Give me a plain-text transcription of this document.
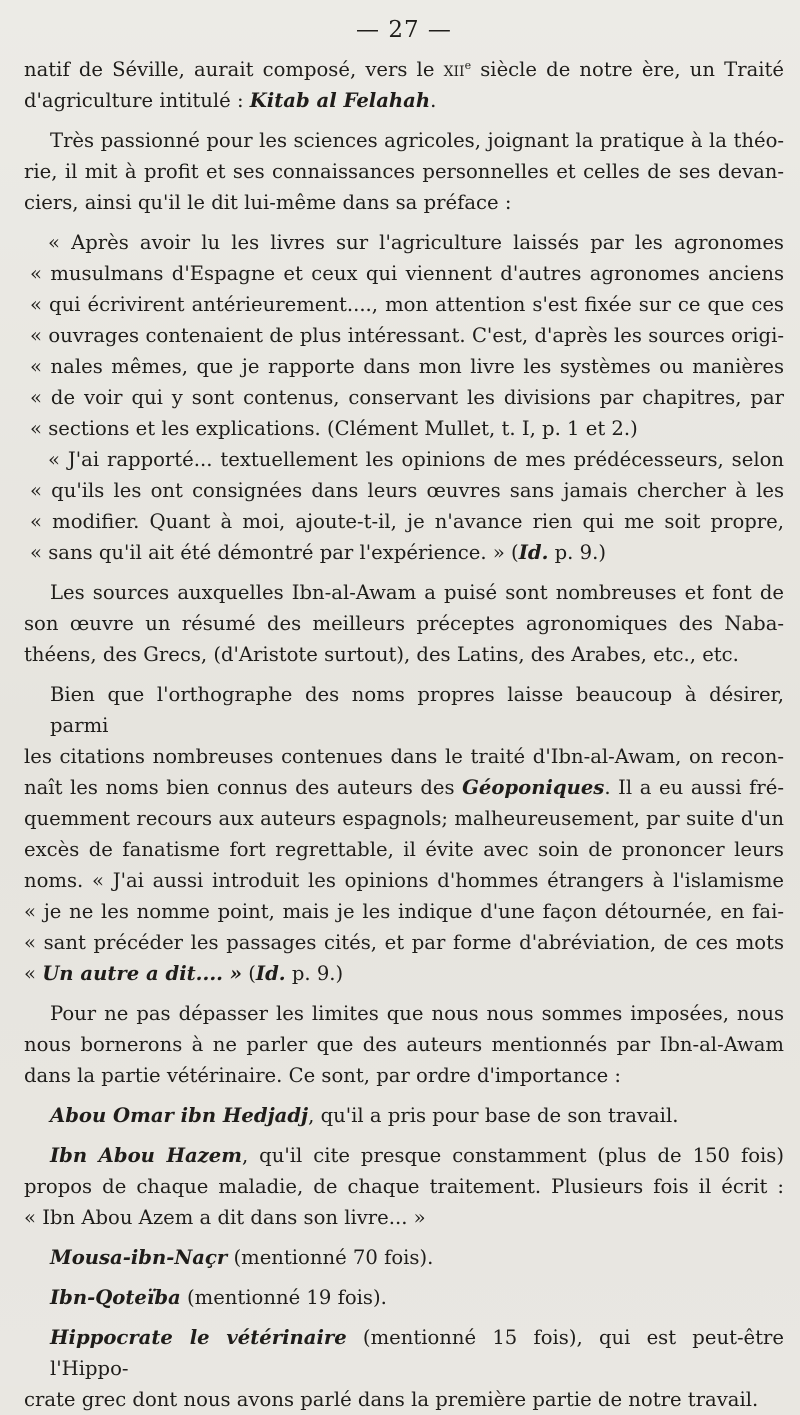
— 27 —

natif de Séville, aurait composé, vers le xii$^e$ siècle de notre ère, un Traité
d'agriculture intitulé : Kitab al Felahah.

Très passionné pour les sciences agricoles, joignant la pratique à la théo-
rie, il mit à profit et ses connaissances personnelles et celles de ses devan-
ciers, ainsi qu'il le dit lui-même dans sa préface :

« Après avoir lu les livres sur l'agriculture laissés par les agronomes
« musulmans d'Espagne et ceux qui viennent d'autres agronomes anciens
« qui écrivirent antérieurement...., mon attention s'est fixée sur ce que ces
« ouvrages contenaient de plus intéressant. C'est, d'après les sources origi-
« nales mêmes, que je rapporte dans mon livre les systèmes ou manières
« de voir qui y sont contenus, conservant les divisions par chapitres, par
« sections et les explications. (Clément Mullet, t. I, p. 1 et 2.)

« J'ai rapporté... textuellement les opinions de mes prédécesseurs, selon
« qu'ils les ont consignées dans leurs œuvres sans jamais chercher à les
« modifier. Quant à moi, ajoute-t-il, je n'avance rien qui me soit propre,
« sans qu'il ait été démontré par l'expérience. » (Id. p. 9.)

Les sources auxquelles Ibn-al-Awam a puisé sont nombreuses et font de
son œuvre un résumé des meilleurs préceptes agronomiques des Naba-
théens, des Grecs, (d'Aristote surtout), des Latins, des Arabes, etc., etc.

Bien que l'orthographe des noms propres laisse beaucoup à désirer, parmi
les citations nombreuses contenues dans le traité d'Ibn-al-Awam, on recon-
naît les noms bien connus des auteurs des Géoponiques. Il a eu aussi fré-
quemment recours aux auteurs espagnols; malheureusement, par suite d'un
excès de fanatisme fort regrettable, il évite avec soin de prononcer leurs
noms. « J'ai aussi introduit les opinions d'hommes étrangers à l'islamisme
« je ne les nomme point, mais je les indique d'une façon détournée, en fai-
« sant précéder les passages cités, et par forme d'abréviation, de ces mots
« Un autre a dit.... » (Id. p. 9.)

Pour ne pas dépasser les limites que nous nous sommes imposées, nous
nous bornerons à ne parler que des auteurs mentionnés par Ibn-al-Awam
dans la partie vétérinaire. Ce sont, par ordre d'importance :

Abou Omar ibn Hedjadj, qu'il a pris pour base de son travail.

Ibn Abou Hazem, qu'il cite presque constamment (plus de 150 fois)
propos de chaque maladie, de chaque traitement. Plusieurs fois il écrit :
« Ibn Abou Azem a dit dans son livre... »

Mousa-ibn-Naçr (mentionné 70 fois).

Ibn-Qoteïba (mentionné 19 fois).

Hippocrate le vétérinaire (mentionné 15 fois), qui est peut-être l'Hippo-
crate grec dont nous avons parlé dans la première partie de notre travail.
